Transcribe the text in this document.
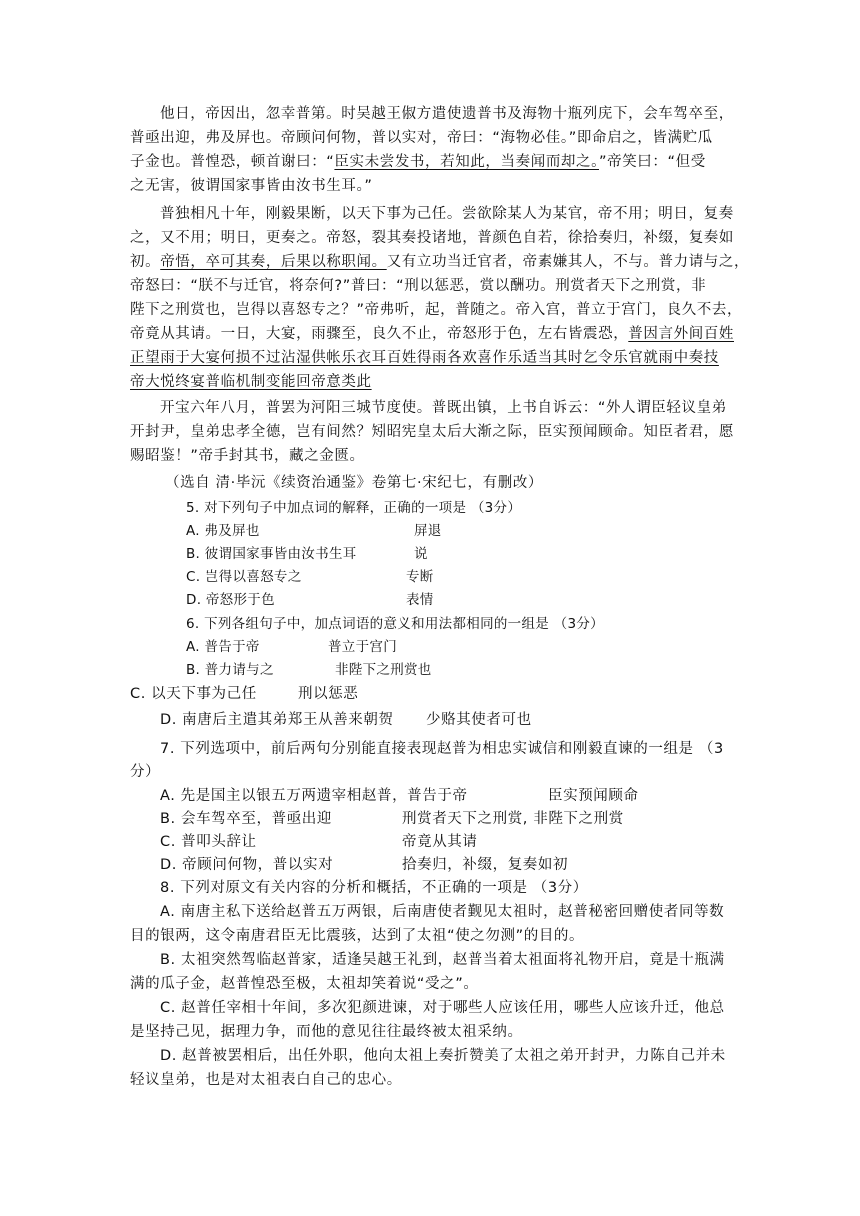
他日，帝因出，忽幸普第。时吴越王俶方遣使遗普书及海物十瓶列庑下，会车驾卒至，
普亟出迎，弗及屏也。帝顾问何物，普以实对，帝曰：“海物必佳。”即命启之，皆满贮瓜
子金也。普惶恐，顿首谢曰：“臣实未尝发书，若知此，当奏闻而却之。”帝笑曰：“但受
之无害，彼谓国家事皆由汝书生耳。”
普独相凡十年，刚毅果断，以天下事为己任。尝欲除某人为某官，帝不用；明日，复奏
之，又不用；明日，更奏之。帝怒，裂其奏投诸地，普颜色自若，徐拾奏归，补缀，复奏如
初。帝悟，卒可其奏，后果以称职闻。又有立功当迁官者，帝素嫌其人，不与。普力请与之，
帝怒曰：“朕不与迁官，将奈何?”普曰：“刑以惩恶，赏以酬功。刑赏者天下之刑赏，非
陛下之刑赏也，岂得以喜怒专之？”帝弗听，起，普随之。帝入宫，普立于宫门，良久不去，
帝竟从其请。一日，大宴，雨骤至，良久不止，帝怒形于色，左右皆震恐，普因言外间百姓
正望雨于大宴何损不过沾湿供帐乐衣耳百姓得雨各欢喜作乐适当其时乞令乐官就雨中奏技
帝大悦终宴普临机制变能回帝意类此
开宝六年八月，普罢为河阳三城节度使。普既出镇，上书自诉云：“外人谓臣轻议皇弟
开封尹，皇弟忠孝全德，岂有间然？矧昭宪皇太后大渐之际，臣实预闻顾命。知臣者君，愿
赐昭鉴！”帝手封其书，藏之金匮。
（选自 清·毕沅《续资治通鉴》卷第七·宋纪七，有删改）
5. 对下列句子中加点词的解释，正确的一项是 （3分）
A. 弗及屏也	屏退
B. 彼谓国家事皆由汝书生耳	说
C. 岂得以喜怒专之	专断
D. 帝怒形于色	表情
6. 下列各组句子中，加点词语的意义和用法都相同的一组是 （3分）
A. 普告于帝	普立于宫门
B. 普力请与之	非陛下之刑赏也
C. 以天下事为己任	刑以惩恶
D. 南唐后主遣其弟郑王从善来朝贺 少赂其使者可也
7. 下列选项中，前后两句分别能直接表现赵普为相忠实诚信和刚毅直谏的一组是 （3
分）
A. 先是国主以银五万两遗宰相赵普，普告于帝	臣实预闻顾命
B. 会车驾卒至，普亟出迎	刑赏者天下之刑赏, 非陛下之刑赏
C. 普叩头辞让	帝竟从其请
D. 帝顾问何物，普以实对	拾奏归，补缀，复奏如初
8. 下列对原文有关内容的分析和概括，不正确的一项是 （3分）
A. 南唐主私下送给赵普五万两银，后南唐使者觐见太祖时，赵普秘密回赠使者同等数
目的银两，这令南唐君臣无比震骇，达到了太祖“使之勿测”的目的。
B. 太祖突然驾临赵普家，适逢吴越王礼到，赵普当着太祖面将礼物开启，竟是十瓶满
满的瓜子金，赵普惶恐至极，太祖却笑着说“受之”。
C. 赵普任宰相十年间，多次犯颜进谏，对于哪些人应该任用，哪些人应该升迁，他总
是坚持己见，据理力争，而他的意见往往最终被太祖采纳。
D. 赵普被罢相后，出任外职，他向太祖上奏折赞美了太祖之弟开封尹，力陈自己并未
轻议皇弟，也是对太祖表白自己的忠心。
